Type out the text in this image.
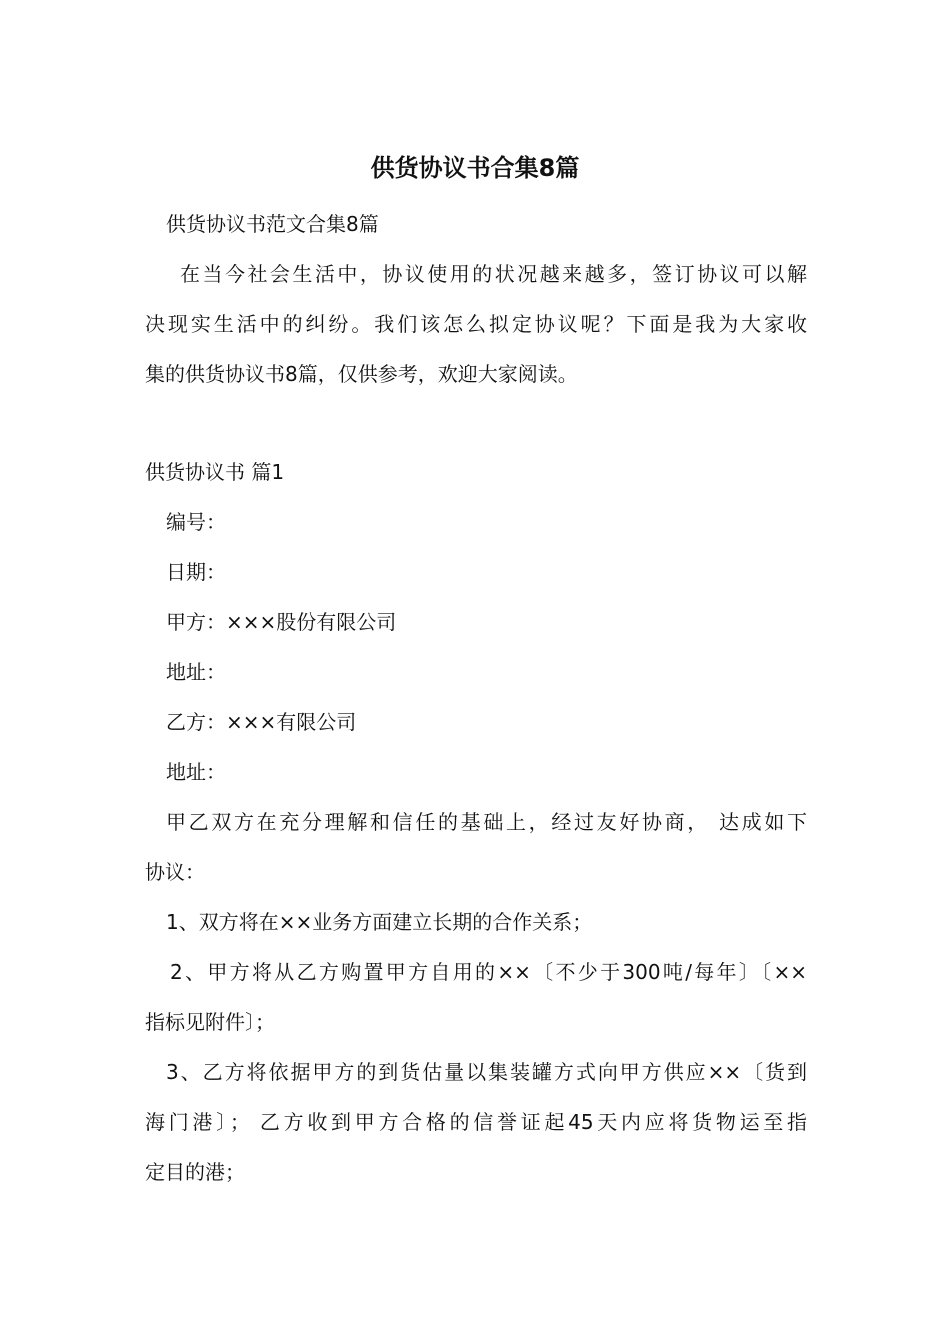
供货协议书合集8篇
供货协议书范文合集8篇
在当今社会生活中，协议使用的状况越来越多，签订协议可以解
决现实生活中的纠纷。我们该怎么拟定协议呢？下面是我为大家收
集的供货协议书8篇，仅供参考，欢迎大家阅读。
供货协议书 篇1
编号：
日期：
甲方：×××股份有限公司
地址：
乙方：×××有限公司
地址：
甲乙双方在充分理解和信任的基础上，经过友好协商， 达成如下
协议：
1、双方将在××业务方面建立长期的合作关系；
2、甲方将从乙方购置甲方自用的××〔不少于300吨/每年〕〔××
指标见附件〕；
3、乙方将依据甲方的到货估量以集装罐方式向甲方供应××〔货到
海门港〕； 乙方收到甲方合格的信誉证起45天内应将货物运至指
定目的港；
